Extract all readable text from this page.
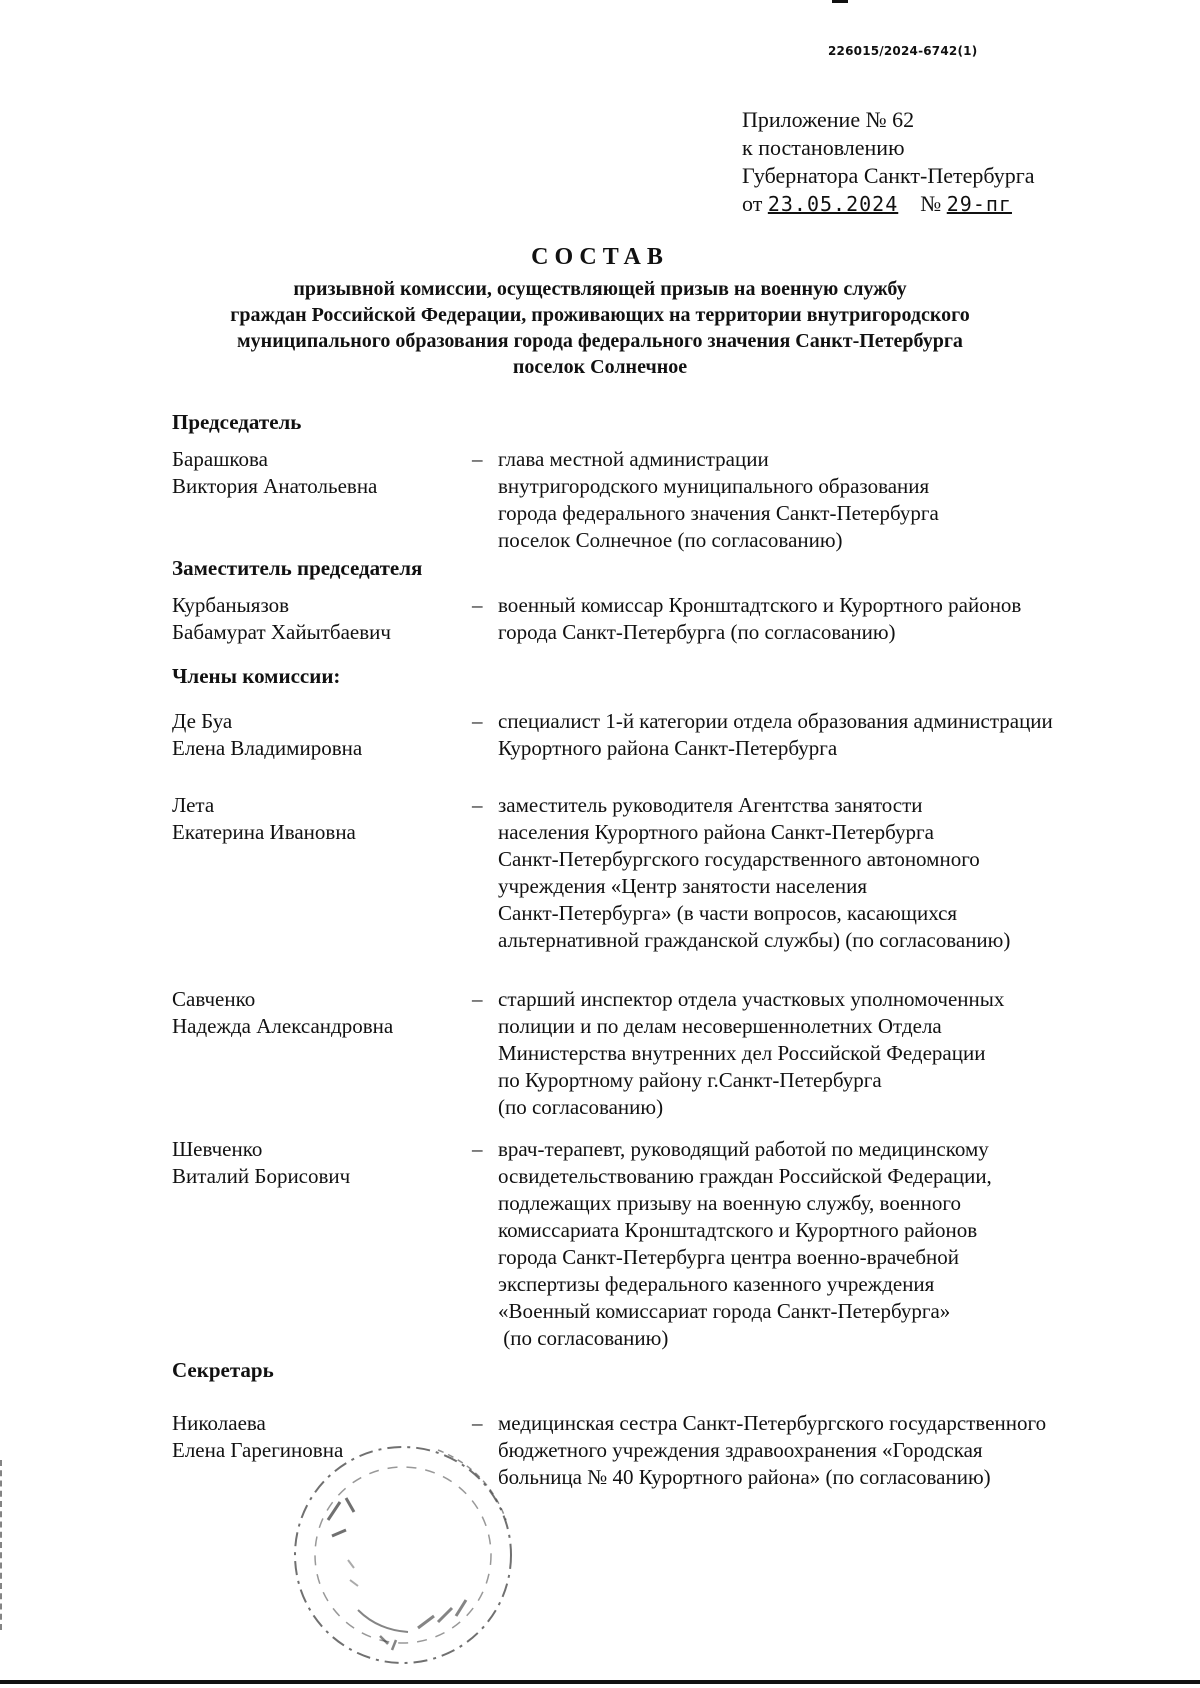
226015/2024-6742(1)
Приложение № 62
к постановлению
Губернатора Санкт-Петербурга
от 23.05.2024 № 29-пг
СОСТАВ
призывной комиссии, осуществляющей призыв на военную службу
граждан Российской Федерации, проживающих на территории внутригородского
муниципального образования города федерального значения Санкт-Петербурга
поселок Солнечное
Председатель
Барашкова
Виктория Анатольевна
– глава местной администрации
внутригородского муниципального образования
города федерального значения Санкт-Петербурга
поселок Солнечное (по согласованию)
Заместитель председателя
Курбаныязов
Бабамурат Хайытбаевич
– военный комиссар Кронштадтского и Курортного районов
города Санкт-Петербурга (по согласованию)
Члены комиссии:
Де Буа
Елена Владимировна
– специалист 1-й категории отдела образования администрации
Курортного района Санкт-Петербурга
Лета
Екатерина Ивановна
– заместитель руководителя Агентства занятости
населения Курортного района Санкт-Петербурга
Санкт-Петербургского государственного автономного
учреждения «Центр занятости населения
Санкт-Петербурга» (в части вопросов, касающихся
альтернативной гражданской службы) (по согласованию)
Савченко
Надежда Александровна
– старший инспектор отдела участковых уполномоченных
полиции и по делам несовершеннолетних Отдела
Министерства внутренних дел Российской Федерации
по Курортному району г.Санкт-Петербурга
(по согласованию)
Шевченко
Виталий Борисович
– врач-терапевт, руководящий работой по медицинскому
освидетельствованию граждан Российской Федерации,
подлежащих призыву на военную службу, военного
комиссариата Кронштадтского и Курортного районов
города Санкт-Петербурга центра военно-врачебной
экспертизы федерального казенного учреждения
«Военный комиссариат города Санкт-Петербурга»
(по согласованию)
Секретарь
Николаева
Елена Гарегиновна
– медицинская сестра Санкт-Петербургского государственного
бюджетного учреждения здравоохранения «Городская
больница № 40 Курортного района» (по согласованию)
